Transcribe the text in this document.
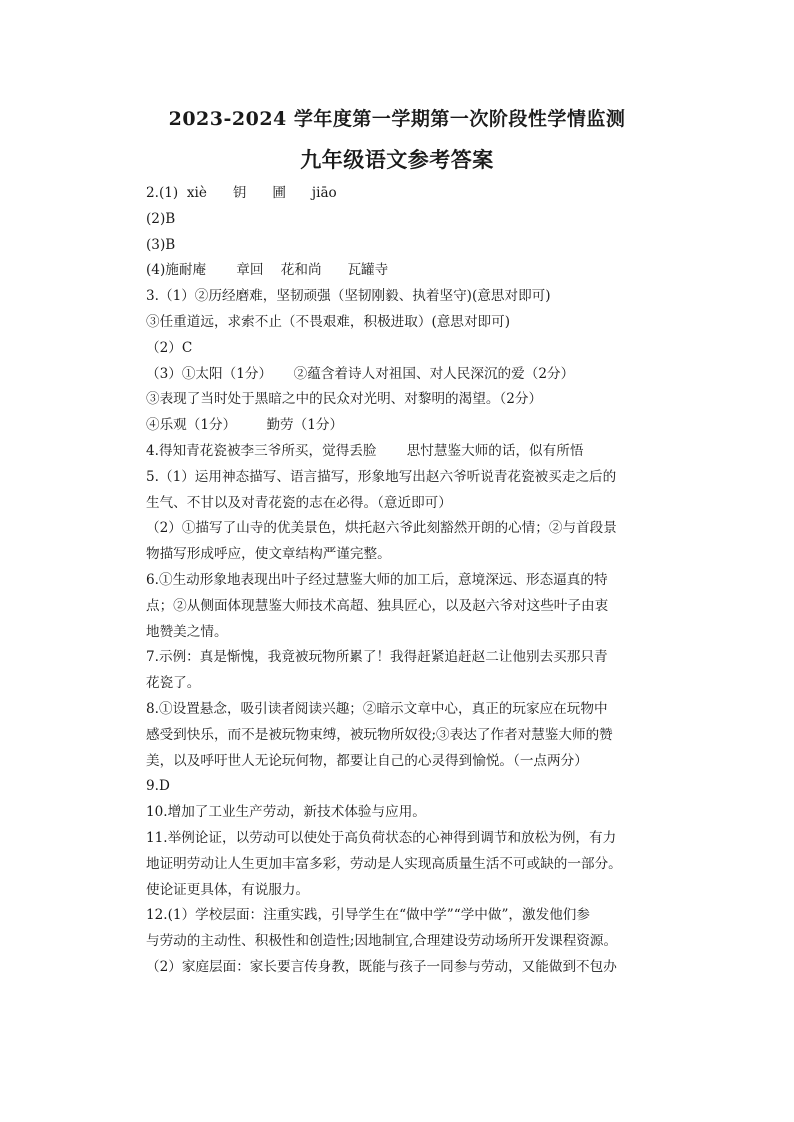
2023-2024 学年度第一学期第一次阶段性学情监测
九年级语文参考答案
2.(1)  xiè      钥      圃      jiāo
(2)B
(3)B
(4)施耐庵       章回    花和尚      瓦罐寺
3.（1）②历经磨难，坚韧顽强（坚韧刚毅、执着坚守)(意思对即可)
③任重道远，求索不止（不畏艰难，积极进取）(意思对即可)
（2）C
（3）①太阳（1分）     ②蕴含着诗人对祖国、对人民深沉的爱（2分）
③表现了当时处于黑暗之中的民众对光明、对黎明的渴望。（2分）
④乐观（1分）       勤劳（1分）
4.得知青花瓷被李三爷所买，觉得丢脸       思忖慧鉴大师的话，似有所悟
5.（1）运用神态描写、语言描写，形象地写出赵六爷听说青花瓷被买走之后的
生气、不甘以及对青花瓷的志在必得。（意近即可）
（2）①描写了山寺的优美景色，烘托赵六爷此刻豁然开朗的心情；②与首段景
物描写形成呼应，使文章结构严谨完整。
6.①生动形象地表现出叶子经过慧鉴大师的加工后，意境深远、形态逼真的特
点；②从侧面体现慧鉴大师技术高超、独具匠心，以及赵六爷对这些叶子由衷
地赞美之情。
7.示例：真是惭愧，我竟被玩物所累了！我得赶紧追赶赵二让他别去买那只青
花瓷了。
8.①设置悬念，吸引读者阅读兴趣；②暗示文章中心，真正的玩家应在玩物中
感受到快乐，而不是被玩物束缚，被玩物所奴役;③表达了作者对慧鉴大师的赞
美，以及呼吁世人无论玩何物，都要让自己的心灵得到愉悦。（一点两分）
9.D
10.增加了工业生产劳动，新技术体验与应用。
11.举例论证，以劳动可以使处于高负荷状态的心神得到调节和放松为例，有力
地证明劳动让人生更加丰富多彩，劳动是人实现高质量生活不可或缺的一部分。
使论证更具体，有说服力。
12.(1）学校层面：注重实践，引导学生在“做中学”“学中做”，激发他们参
与劳动的主动性、积极性和创造性;因地制宜,合理建设劳动场所开发课程资源。
（2）家庭层面：家长要言传身教，既能与孩子一同参与劳动，又能做到不包办
